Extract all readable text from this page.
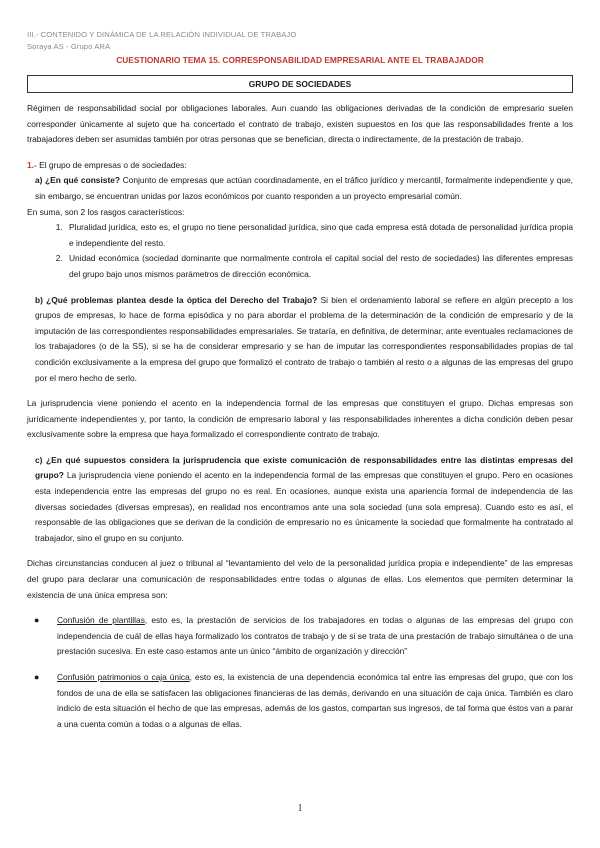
III.- CONTENIDO Y DINÁMICA DE LA RELACIÓN INDIVIDUAL DE TRABAJO
Soraya AS - Grupo ARA
CUESTIONARIO TEMA 15. CORRESPONSABILIDAD EMPRESARIAL ANTE EL TRABAJADOR
GRUPO DE SOCIEDADES

Régimen de responsabilidad social por obligaciones laborales. Aun cuando las obligaciones derivadas de la condición de empresario suelen corresponder únicamente al sujeto que ha concertado el contrato de trabajo, existen supuestos en los que las responsabilidades frente a los trabajadores deben ser asumidas también por otras personas que se benefician, directa o indirectamente, de la prestación de trabajo.

1.- El grupo de empresas o de sociedades:

a) ¿En qué consiste? Conjunto de empresas que actúan coordinadamente, en el tráfico jurídico y mercantil, formalmente independiente y que, sin embargo, se encuentran unidas por lazos económicos por cuanto responden a un proyecto empresarial común.

En suma, son 2 los rasgos característicos:

1. Pluralidad jurídica, esto es, el grupo no tiene personalidad jurídica, sino que cada empresa está dotada de personalidad jurídica propia e independiente del resto.
2. Unidad económica (sociedad dominante que normalmente controla el capital social del resto de sociedades) las diferentes empresas del grupo bajo unos mismos parámetros de dirección económica.

b) ¿Qué problemas plantea desde la óptica del Derecho del Trabajo? Si bien el ordenamiento laboral se refiere en algún precepto a los grupos de empresas, lo hace de forma episódica y no para abordar el problema de la determinación de la condición de empresario y de la imputación de las correspondientes responsabilidades empresariales. Se trataría, en definitiva, de determinar, ante eventuales reclamaciones de los trabajadores (o de la SS), si se ha de considerar empresario y se han de imputar las correspondientes responsabilidades propias de tal condición exclusivamente a la empresa del grupo que formalizó el contrato de trabajo o también al resto o a algunas de las empresas del grupo por el mero hecho de serlo.

La jurisprudencia viene poniendo el acento en la independencia formal de las empresas que constituyen el grupo. Dichas empresas son jurídicamente independientes y, por tanto, la condición de empresario laboral y las responsabilidades inherentes a dicha condición deben pesar exclusivamente sobre la empresa que haya formalizado el correspondiente contrato de trabajo.

c) ¿En qué supuestos considera la jurisprudencia que existe comunicación de responsabilidades entre las distintas empresas del grupo? La jurisprudencia viene poniendo el acento en la independencia formal de las empresas que constituyen el grupo. Pero en ocasiones esta independencia entre las empresas del grupo no es real. En ocasiones, aunque exista una apariencia formal de independencia de las diversas sociedades (diversas empresas), en realidad nos encontramos ante una sola sociedad (una sola empresa). Cuando esto es así, el responsable de las obligaciones que se derivan de la condición de empresario no es únicamente la sociedad que formalmente ha contratado al trabajador, sino el grupo en su conjunto.

Dichas circunstancias conducen al juez o tribunal al “levantamiento del velo de la personalidad jurídica propia e independiente” de las empresas del grupo para declarar una comunicación de responsabilidades entre todas o algunas de ellas. Los elementos que permiten determinar la existencia de una única empresa son:

● Confusión de plantillas, esto es, la prestación de servicios de los trabajadores en todas o algunas de las empresas del grupo con independencia de cuál de ellas haya formalizado los contratos de trabajo y de si se trata de una prestación de trabajo simultánea o de una prestación sucesiva. En este caso estamos ante un único “ámbito de organización y dirección”
● Confusión patrimonios o caja única, esto es, la existencia de una dependencia económica tal entre las empresas del grupo, que con los fondos de una de ella se satisfacen las obligaciones financieras de las demás, derivando en una situación de caja única. También es claro indicio de esta situación el hecho de que las empresas, además de los gastos, compartan sus ingresos, de tal forma que éstos van a parar a una cuenta común a todas o a algunas de ellas.
1
